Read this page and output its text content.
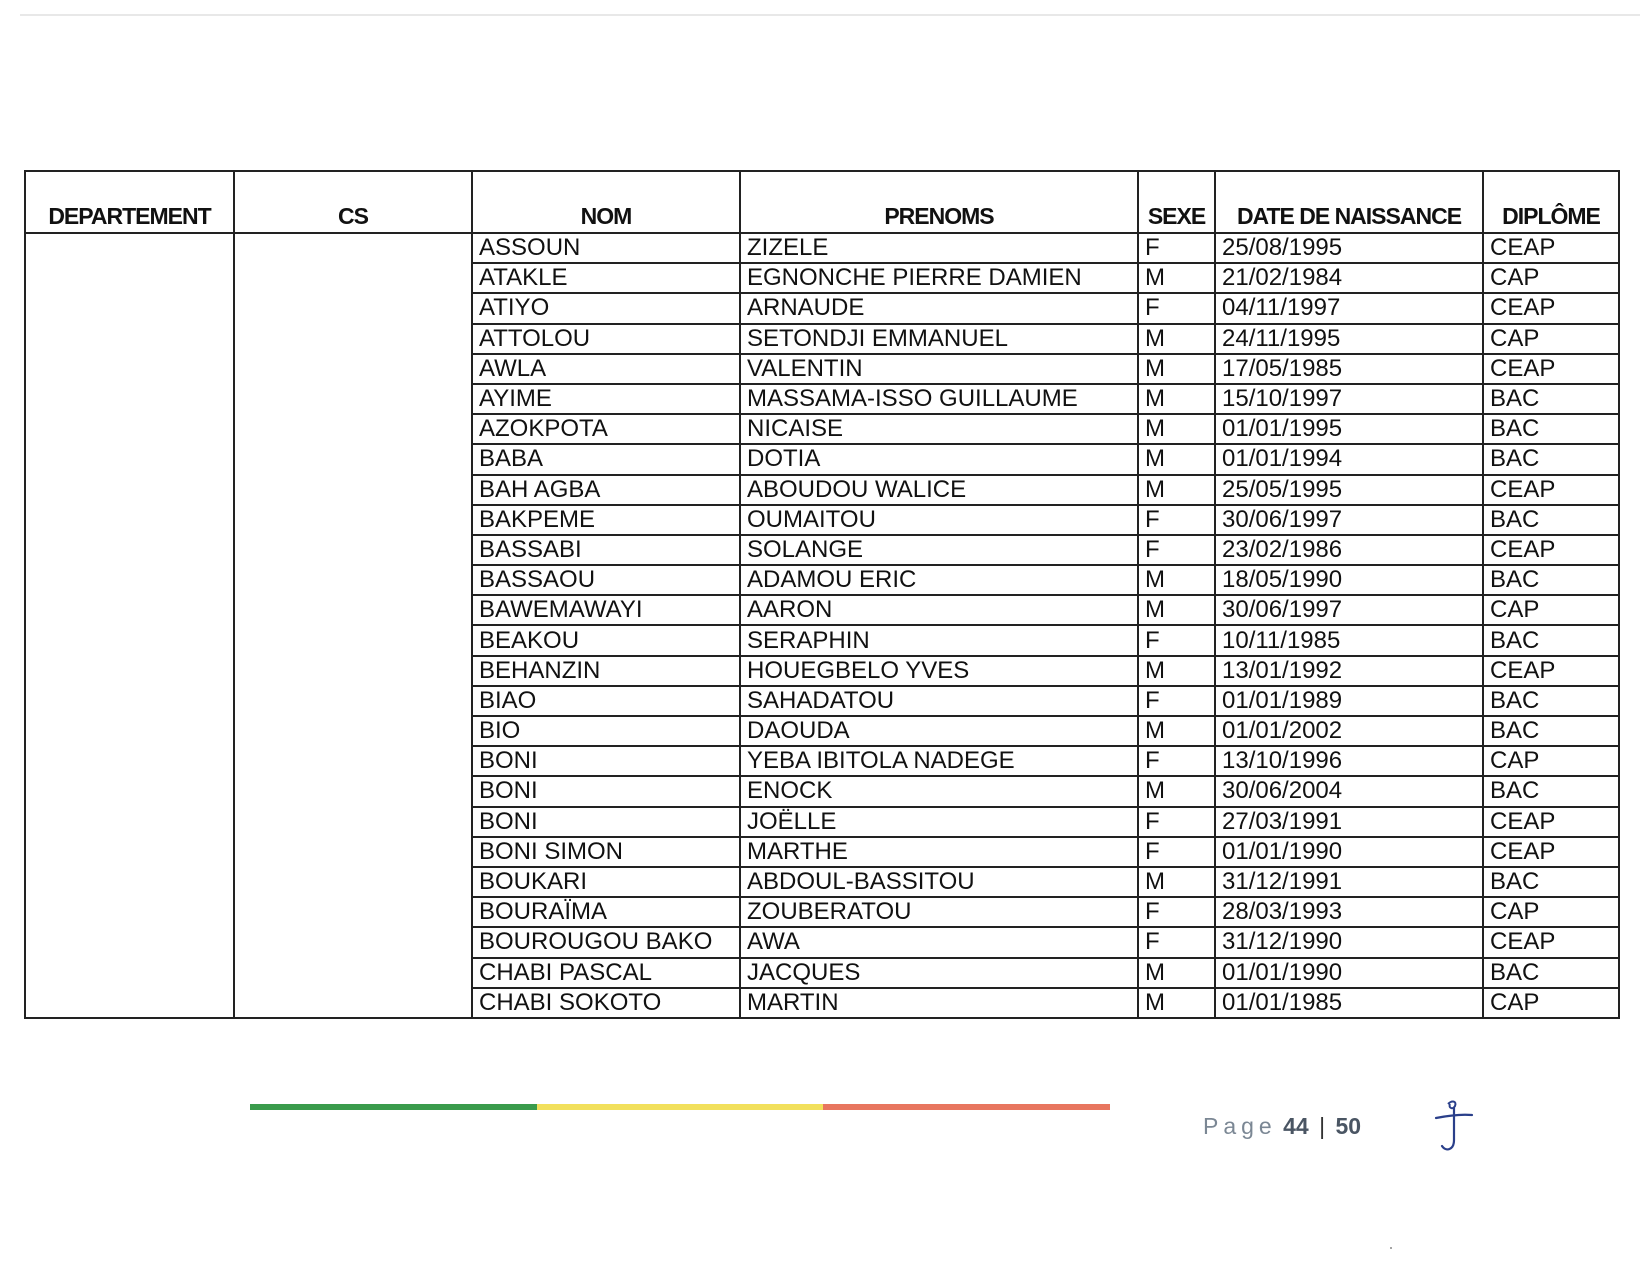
DEPARTEMENT	CS	NOM	PRENOMS	SEXE	DATE DE NAISSANCE	DIPLÔME
		ASSOUN	ZIZELE	F	25/08/1995	CEAP
		ATAKLE	EGNONCHE PIERRE DAMIEN	M	21/02/1984	CAP
		ATIYO	ARNAUDE	F	04/11/1997	CEAP
		ATTOLOU	SETONDJI EMMANUEL	M	24/11/1995	CAP
		AWLA	VALENTIN	M	17/05/1985	CEAP
		AYIME	MASSAMA-ISSO GUILLAUME	M	15/10/1997	BAC
		AZOKPOTA	NICAISE	M	01/01/1995	BAC
		BABA	DOTIA	M	01/01/1994	BAC
		BAH AGBA	ABOUDOU WALICE	M	25/05/1995	CEAP
		BAKPEME	OUMAITOU	F	30/06/1997	BAC
		BASSABI	SOLANGE	F	23/02/1986	CEAP
		BASSAOU	ADAMOU ERIC	M	18/05/1990	BAC
		BAWEMAWAYI	AARON	M	30/06/1997	CAP
		BEAKOU	SERAPHIN	F	10/11/1985	BAC
		BEHANZIN	HOUEGBELO YVES	M	13/01/1992	CEAP
		BIAO	SAHADATOU	F	01/01/1989	BAC
		BIO	DAOUDA	M	01/01/2002	BAC
		BONI	YEBA IBITOLA NADEGE	F	13/10/1996	CAP
		BONI	ENOCK	M	30/06/2004	BAC
		BONI	JOËLLE	F	27/03/1991	CEAP
		BONI SIMON	MARTHE	F	01/01/1990	CEAP
		BOUKARI	ABDOUL-BASSITOU	M	31/12/1991	BAC
		BOURAÏMA	ZOUBERATOU	F	28/03/1993	CAP
		BOUROUGOU BAKO	AWA	F	31/12/1990	CEAP
		CHABI PASCAL	JACQUES	M	01/01/1990	BAC
		CHABI SOKOTO	MARTIN	M	01/01/1985	CAP
Page 44 | 50
